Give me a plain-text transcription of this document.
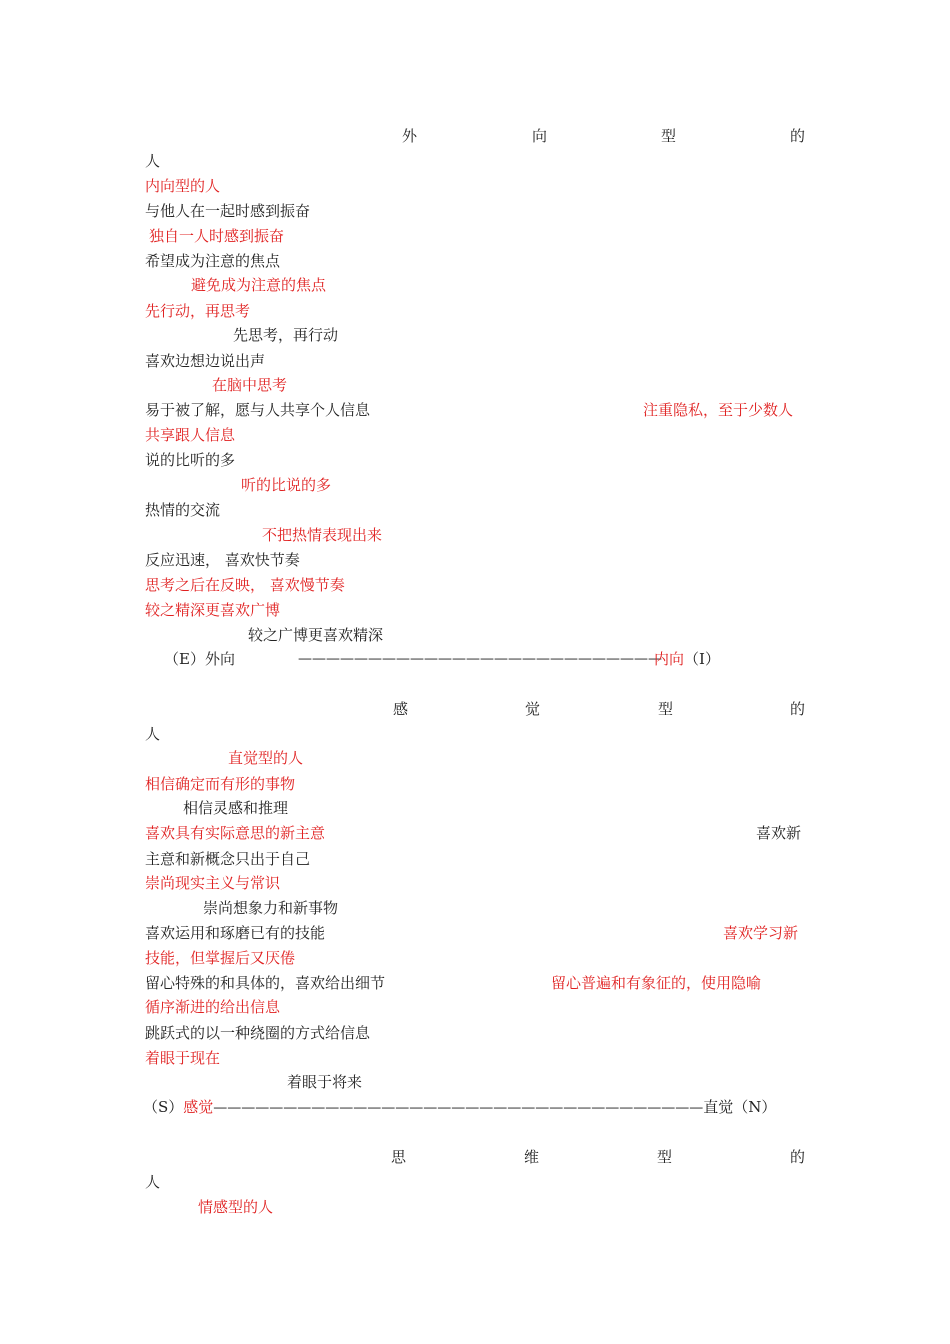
外	向	型	的
人
内向型的人
与他人在一起时感到振奋
独自一人时感到振奋
希望成为注意的焦点
避免成为注意的焦点
先行动，再思考
先思考，再行动
喜欢边想边说出声
在脑中思考
易于被了解，愿与人共享个人信息	注重隐私，至于少数人
共享跟人信息
说的比听的多
听的比说的多
热情的交流
不把热情表现出来
反应迅速， 喜欢快节奏
思考之后在反映， 喜欢慢节奏
较之精深更喜欢广博
较之广博更喜欢精深
（E）外向	——————————————————————————
内向（I）
感	觉	型	的
人
直觉型的人
相信确定而有形的事物
相信灵感和推理
喜欢具有实际意思的新主意	喜欢新
主意和新概念只出于自己
崇尚现实主义与常识
崇尚想象力和新事物
喜欢运用和琢磨已有的技能	喜欢学习新
技能，但掌握后又厌倦
留心特殊的和具体的，喜欢给出细节	留心普遍和有象征的，使用隐喻
循序渐进的给出信息
跳跃式的以一种绕圈的方式给信息
着眼于现在
着眼于将来
（S）感觉———————————————————————————————————直觉（N）
思	维	型	的
人
情感型的人
